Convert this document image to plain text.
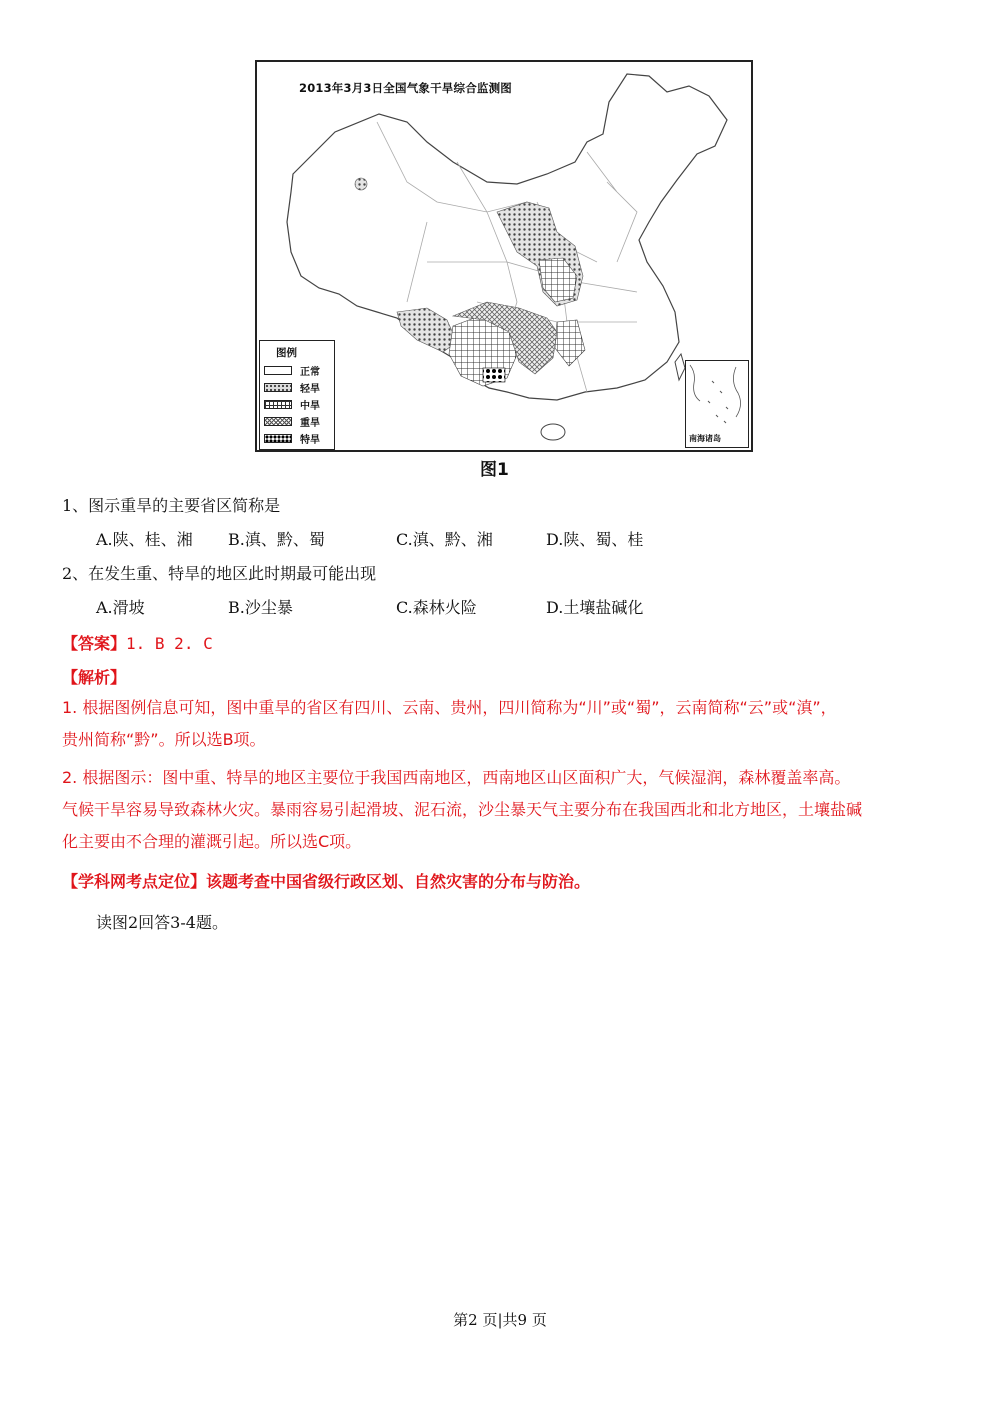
2013年3月3日全国气象干旱综合监测图
图例
正常
轻旱
中旱
重旱
特旱	南海诸岛
图1
1、图示重旱的主要省区简称是
A.陕、桂、湘 B.滇、黔、蜀	C.滇、黔、湘	D.陕、蜀、桂
2、在发生重、特旱的地区此时期最可能出现
A.滑坡	B.沙尘暴	C.森林火险	D.土壤盐碱化
【答案】1. B 2. C
【解析】
1. 根据图例信息可知，图中重旱的省区有四川、云南、贵州，四川简称为“川”或“蜀”，云南简称“云”或“滇”，
贵州简称“黔”。所以选B项。
2. 根据图示：图中重、特旱的地区主要位于我国西南地区，西南地区山区面积广大，气候湿润，森林覆盖率高。
气候干旱容易导致森林火灾。暴雨容易引起滑坡、泥石流，沙尘暴天气主要分布在我国西北和北方地区，土壤盐碱
化主要由不合理的灌溉引起。所以选C项。
【学科网考点定位】该题考查中国省级行政区划、自然灾害的分布与防治。
读图2回答3-4题。
第2 页|共9 页
